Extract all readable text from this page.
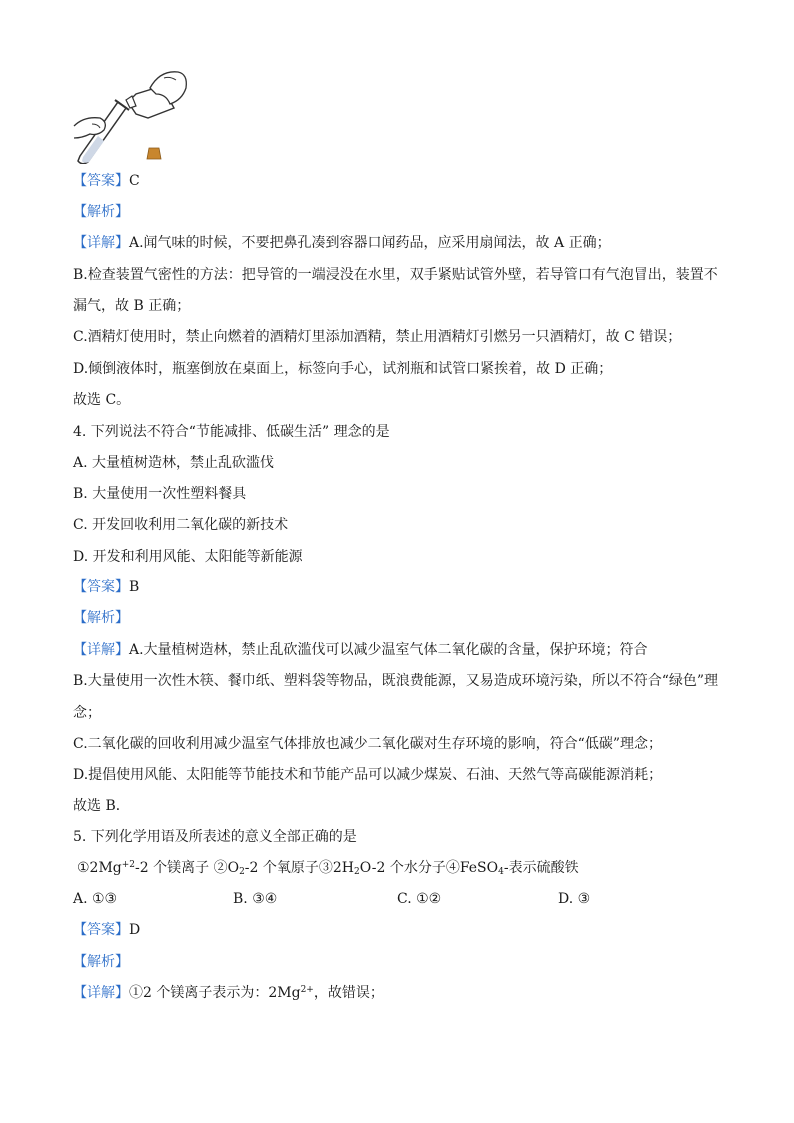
【答案】C
【解析】
【详解】A.闻气味的时候，不要把鼻孔凑到容器口闻药品，应采用扇闻法，故 A 正确；
B.检查装置气密性的方法：把导管的一端浸没在水里，双手紧贴试管外壁，若导管口有气泡冒出，装置不
漏气，故 B 正确；
C.酒精灯使用时，禁止向燃着的酒精灯里添加酒精，禁止用酒精灯引燃另一只酒精灯，故 C 错误；
D.倾倒液体时，瓶塞倒放在桌面上，标签向手心，试剂瓶和试管口紧挨着，故 D 正确；
故选 C。
4. 下列说法不符合“节能减排、低碳生活” 理念的是
A. 大量植树造林，禁止乱砍滥伐
B. 大量使用一次性塑料餐具
C. 开发回收利用二氧化碳的新技术
D. 开发和利用风能、太阳能等新能源
【答案】B
【解析】
【详解】A.大量植树造林，禁止乱砍滥伐可以减少温室气体二氧化碳的含量，保护环境；符合
B.大量使用一次性木筷、餐巾纸、塑料袋等物品，既浪费能源，又易造成环境污染，所以不符合“绿色”理
念；
C.二氧化碳的回收利用减少温室气体排放也减少二氧化碳对生存环境的影响，符合“低碳”理念；
D.提倡使用风能、太阳能等节能技术和节能产品可以减少煤炭、石油、天然气等高碳能源消耗；
故选 B．
5. 下列化学用语及所表述的意义全部正确的是
$①2Mg^{+2}-2$ 个镁离子 $②O_2-2$ 个氧原子$③2H_2O-2$ 个水分子④FeSO$_4$-表示硫酸铁
A. ①③	B. ③④	C. ①②	D. ③
【答案】D
【解析】
【详解】①2 个镁离子表示为：$2Mg^{2+}$，故错误；
